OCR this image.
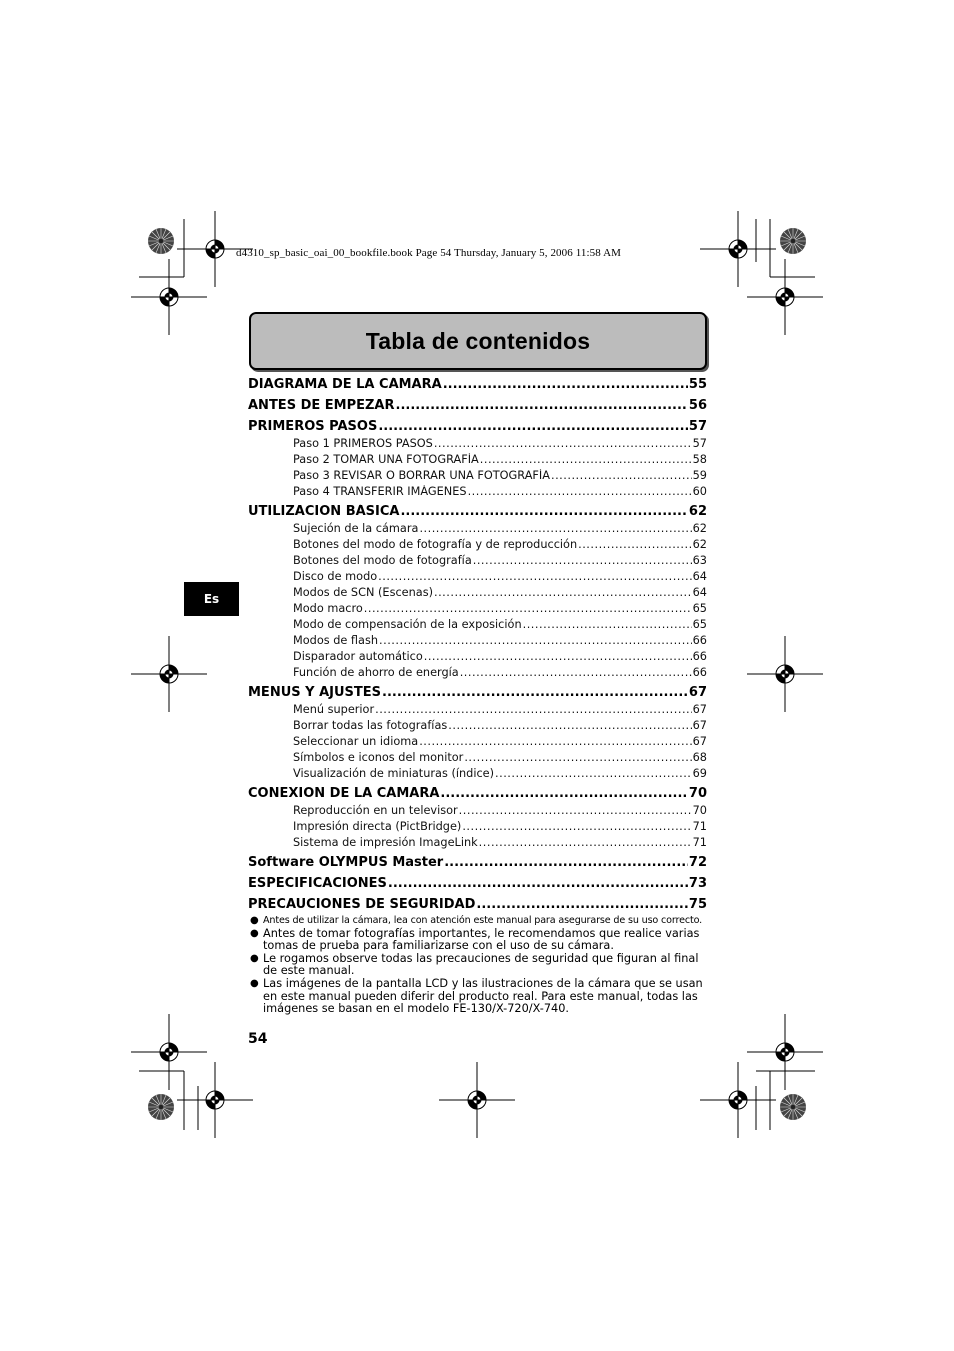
d4310_sp_basic_oai_00_bookfile.book Page 54 Thursday, January 5, 2006 11:58 AM
Tabla de contenidos
Es
DIAGRAMA DE LA CÁMARA .....	55
ANTES DE EMPEZAR .....	56
PRIMEROS PASOS .....	57
Paso 1 PRIMEROS PASOS .....	57
Paso 2 TOMAR UNA FOTOGRAFÍA .....	58
Paso 3 REVISAR O BORRAR UNA FOTOGRAFÍA .....	59
Paso 4 TRANSFERIR IMÁGENES .....	60
UTILIZACIÓN BÁSICA .....	62
Sujeción de la cámara .....	62
Botones del modo de fotografía y de reproducción .....	62
Botones del modo de fotografía .....	63
Disco de modo .....	64
Modos de SCN (Escenas) .....	64
Modo macro .....	65
Modo de compensación de la exposición .....	65
Modos de flash .....	66
Disparador automático .....	66
Función de ahorro de energía .....	66
MENÚS Y AJUSTES .....	67
Menú superior .....	67
Borrar todas las fotografías .....	67
Seleccionar un idioma .....	67
Símbolos e iconos del monitor .....	68
Visualización de miniaturas (índice) .....	69
CONEXIÓN DE LA CÁMARA .....	70
Reproducción en un televisor .....	70
Impresión directa (PictBridge) .....	71
Sistema de impresión ImageLink .....	71
Software OLYMPUS Master .....	72
ESPECIFICACIONES .....	73
PRECAUCIONES DE SEGURIDAD .....	75
● Antes de utilizar la cámara, lea con atención este manual para asegurarse de su uso correcto.
● Antes de tomar fotografías importantes, le recomendamos que realice varias tomas de prueba para familiarizarse con el uso de su cámara.
● Le rogamos observe todas las precauciones de seguridad que figuran al final de este manual.
● Las imágenes de la pantalla LCD y las ilustraciones de la cámara que se usan en este manual pueden diferir del producto real. Para este manual, todas las imágenes se basan en el modelo FE-130/X-720/X-740.
54
